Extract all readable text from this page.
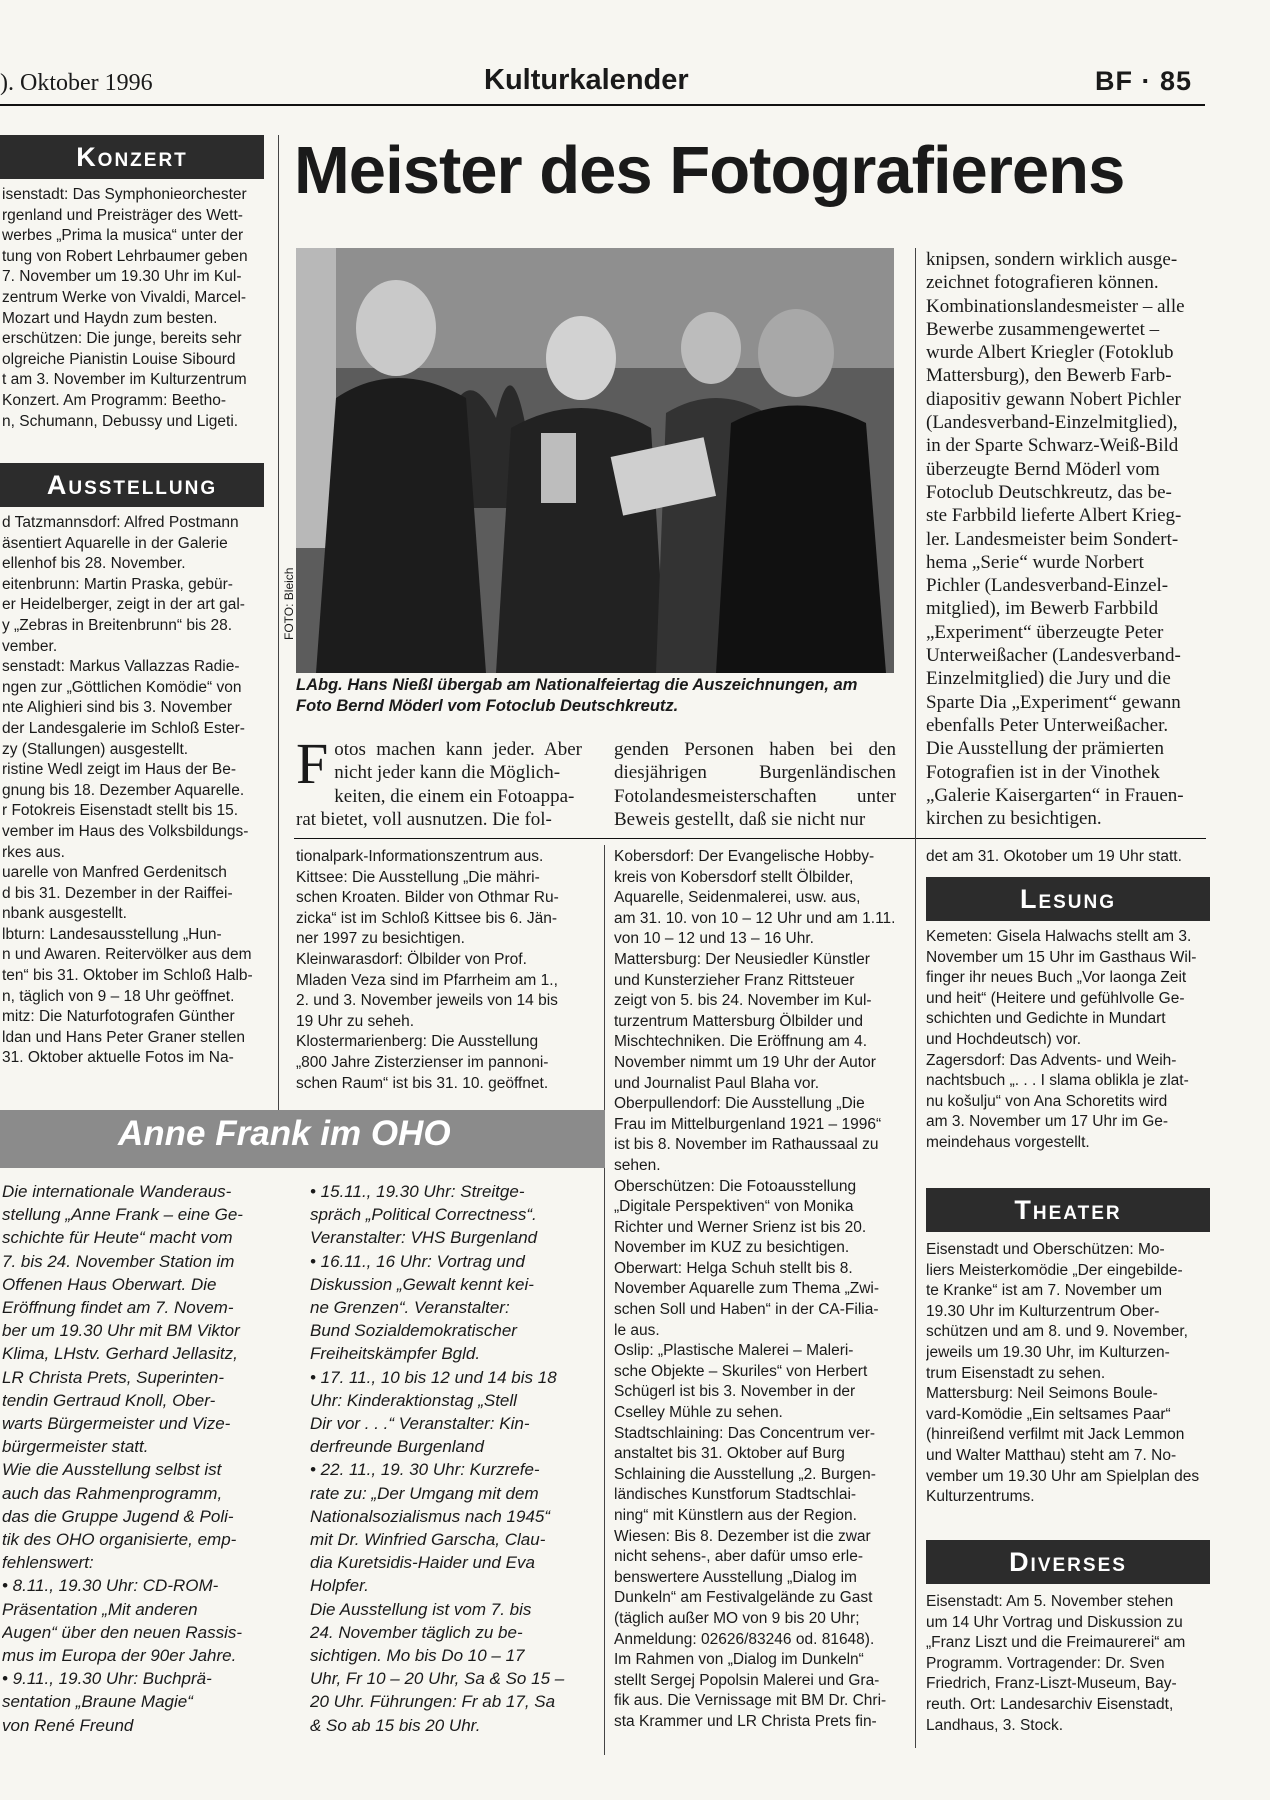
). Oktober 1996	Kulturkalender	BF · 85
Konzert
isenstadt: Das Symphonieorchester
rgenland und Preisträger des Wett-
werbes „Prima la musica“ unter der
tung von Robert Lehrbaumer geben
7. November um 19.30 Uhr im Kul-
zentrum Werke von Vivaldi, Marcel-
Mozart und Haydn zum besten.
erschützen: Die junge, bereits sehr
olgreiche Pianistin Louise Sibourd
t am 3. November im Kulturzentrum
Konzert. Am Programm: Beetho-
n, Schumann, Debussy und Ligeti.
Ausstellung
d Tatzmannsdorf: Alfred Postmann
äsentiert Aquarelle in der Galerie
ellenhof bis 28. November.
eitenbrunn: Martin Praska, gebür-
er Heidelberger, zeigt in der art gal-
y „Zebras in Breitenbrunn“ bis 28.
vember.
senstadt: Markus Vallazzas Radie-
ngen zur „Göttlichen Komödie“ von
nte Alighieri sind bis 3. November
der Landesgalerie im Schloß Ester-
zy (Stallungen) ausgestellt.
ristine Wedl zeigt im Haus der Be-
gnung bis 18. Dezember Aquarelle.
r Fotokreis Eisenstadt stellt bis 15.
vember im Haus des Volksbildungs-
rkes aus.
uarelle von Manfred Gerdenitsch
d bis 31. Dezember in der Raiffei-
nbank ausgestellt.
lbturn: Landesausstellung „Hun-
n und Awaren. Reitervölker aus dem
ten“ bis 31. Oktober im Schloß Halb-
n, täglich von 9 – 18 Uhr geöffnet.
mitz: Die Naturfotografen Günther
ldan und Hans Peter Graner stellen
31. Oktober aktuelle Fotos im Na-
Meister des Fotografierens
FOTO: Bleich
LAbg. Hans Nießl übergab am Nationalfeiertag die Auszeichnungen, am Foto Bernd Möderl vom Fotoclub Deutschkreutz.
Fotos machen kann jeder. Aber nicht jeder kann die Möglich-
keiten, die einem ein Fotoappa-
rat bietet, voll ausnutzen. Die fol-
genden Personen haben bei den diesjährigen Burgenländischen Fotolandesmeisterschaften unter Beweis gestellt, daß sie nicht nur
knipsen, sondern wirklich ausge-
zeichnet fotografieren können.
Kombinationslandesmeister – alle
Bewerbe zusammengewertet –
wurde Albert Kriegler (Fotoklub
Mattersburg), den Bewerb Farb-
diapositiv gewann Nobert Pichler
(Landesverband-Einzelmitglied),
in der Sparte Schwarz-Weiß-Bild
überzeugte Bernd Möderl vom
Fotoclub Deutschkreutz, das be-
ste Farbbild lieferte Albert Krieg-
ler. Landesmeister beim Sondert-
hema „Serie“ wurde Norbert
Pichler (Landesverband-Einzel-
mitglied), im Bewerb Farbbild
„Experiment“ überzeugte Peter
Unterweißacher (Landesverband-
Einzelmitglied) die Jury und die
Sparte Dia „Experiment“ gewann
ebenfalls Peter Unterweißacher.
Die Ausstellung der prämierten
Fotografien ist in der Vinothek
„Galerie Kaisergarten“ in Frauen-
kirchen zu besichtigen.
tionalpark-Informationszentrum aus.
Kittsee: Die Ausstellung „Die mähri-
schen Kroaten. Bilder von Othmar Ru-
zicka“ ist im Schloß Kittsee bis 6. Jän-
ner 1997 zu besichtigen.
Kleinwarasdorf: Ölbilder von Prof.
Mladen Veza sind im Pfarrheim am 1.,
2. und 3. November jeweils von 14 bis
19 Uhr zu seheh.
Klostermarienberg: Die Ausstellung
„800 Jahre Zisterzienser im pannoni-
schen Raum“ ist bis 31. 10. geöffnet.
Kobersdorf: Der Evangelische Hobby-
kreis von Kobersdorf stellt Ölbilder,
Aquarelle, Seidenmalerei, usw. aus,
am 31. 10. von 10 – 12 Uhr und am 1.11.
von 10 – 12 und 13 – 16 Uhr.
Mattersburg: Der Neusiedler Künstler
und Kunsterzieher Franz Rittsteuer
zeigt von 5. bis 24. November im Kul-
turzentrum Mattersburg Ölbilder und
Mischtechniken. Die Eröffnung am 4.
November nimmt um 19 Uhr der Autor
und Journalist Paul Blaha vor.
Oberpullendorf: Die Ausstellung „Die
Frau im Mittelburgenland 1921 – 1996“
ist bis 8. November im Rathaussaal zu
sehen.
Oberschützen: Die Fotoausstellung
„Digitale Perspektiven“ von Monika
Richter und Werner Srienz ist bis 20.
November im KUZ zu besichtigen.
Oberwart: Helga Schuh stellt bis 8.
November Aquarelle zum Thema „Zwi-
schen Soll und Haben“ in der CA-Filia-
le aus.
Oslip: „Plastische Malerei – Maleri-
sche Objekte – Skuriles“ von Herbert
Schügerl ist bis 3. November in der
Cselley Mühle zu sehen.
Stadtschlaining: Das Concentrum ver-
anstaltet bis 31. Oktober auf Burg
Schlaining die Ausstellung „2. Burgen-
ländisches Kunstforum Stadtschlai-
ning“ mit Künstlern aus der Region.
Wiesen: Bis 8. Dezember ist die zwar
nicht sehens-, aber dafür umso erle-
benswertere Ausstellung „Dialog im
Dunkeln“ am Festivalgelände zu Gast
(täglich außer MO von 9 bis 20 Uhr;
Anmeldung: 02626/83246 od. 81648).
Im Rahmen von „Dialog im Dunkeln“
stellt Sergej Popolsin Malerei und Gra-
fik aus. Die Vernissage mit BM Dr. Chri-
sta Krammer und LR Christa Prets fin-
det am 31. Okotober um 19 Uhr statt.
Lesung
Kemeten: Gisela Halwachs stellt am 3.
November um 15 Uhr im Gasthaus Wil-
finger ihr neues Buch „Vor laonga Zeit
und heit“ (Heitere und gefühlvolle Ge-
schichten und Gedichte in Mundart
und Hochdeutsch) vor.
Zagersdorf: Das Advents- und Weih-
nachtsbuch „. . . I slama oblikla je zlat-
nu košulju“ von Ana Schoretits wird
am 3. November um 17 Uhr im Ge-
meindehaus vorgestellt.
Theater
Eisenstadt und Oberschützen: Mo-
liers Meisterkomödie „Der eingebilde-
te Kranke“ ist am 7. November um
19.30 Uhr im Kulturzentrum Ober-
schützen und am 8. und 9. November,
jeweils um 19.30 Uhr, im Kulturzen-
trum Eisenstadt zu sehen.
Mattersburg: Neil Seimons Boule-
vard-Komödie „Ein seltsames Paar“
(hinreißend verfilmt mit Jack Lemmon
und Walter Matthau) steht am 7. No-
vember um 19.30 Uhr am Spielplan des
Kulturzentrums.
Diverses
Eisenstadt: Am 5. November stehen
um 14 Uhr Vortrag und Diskussion zu
„Franz Liszt und die Freimaurerei“ am
Programm. Vortragender: Dr. Sven
Friedrich, Franz-Liszt-Museum, Bay-
reuth. Ort: Landesarchiv Eisenstadt,
Landhaus, 3. Stock.
Anne Frank im OHO
Die internationale Wanderaus-
stellung „Anne Frank – eine Ge-
schichte für Heute“ macht vom
7. bis 24. November Station im
Offenen Haus Oberwart. Die
Eröffnung findet am 7. Novem-
ber um 19.30 Uhr mit BM Viktor
Klima, LHstv. Gerhard Jellasitz,
LR Christa Prets, Superinten-
tendin Gertraud Knoll, Ober-
warts Bürgermeister und Vize-
bürgermeister statt.
Wie die Ausstellung selbst ist
auch das Rahmenprogramm,
das die Gruppe Jugend & Poli-
tik des OHO organisierte, emp-
fehlenswert:
• 8.11., 19.30 Uhr: CD-ROM-
Präsentation „Mit anderen
Augen“ über den neuen Rassis-
mus im Europa der 90er Jahre.
• 9.11., 19.30 Uhr: Buchprä-
sentation „Braune Magie“
von René Freund
• 15.11., 19.30 Uhr: Streitge-
spräch „Political Correctness“.
Veranstalter: VHS Burgenland
• 16.11., 16 Uhr: Vortrag und
Diskussion „Gewalt kennt kei-
ne Grenzen“. Veranstalter:
Bund Sozialdemokratischer
Freiheitskämpfer Bgld.
• 17. 11., 10 bis 12 und 14 bis 18
Uhr: Kinderaktionstag „Stell
Dir vor . . .“ Veranstalter: Kin-
derfreunde Burgenland
• 22. 11., 19. 30 Uhr: Kurzrefe-
rate zu: „Der Umgang mit dem
Nationalsozialismus nach 1945“
mit Dr. Winfried Garscha, Clau-
dia Kuretsidis-Haider und Eva
Holpfer.
Die Ausstellung ist vom 7. bis
24. November täglich zu be-
sichtigen. Mo bis Do 10 – 17
Uhr, Fr 10 – 20 Uhr, Sa & So 15 –
20 Uhr. Führungen: Fr ab 17, Sa
& So ab 15 bis 20 Uhr.
